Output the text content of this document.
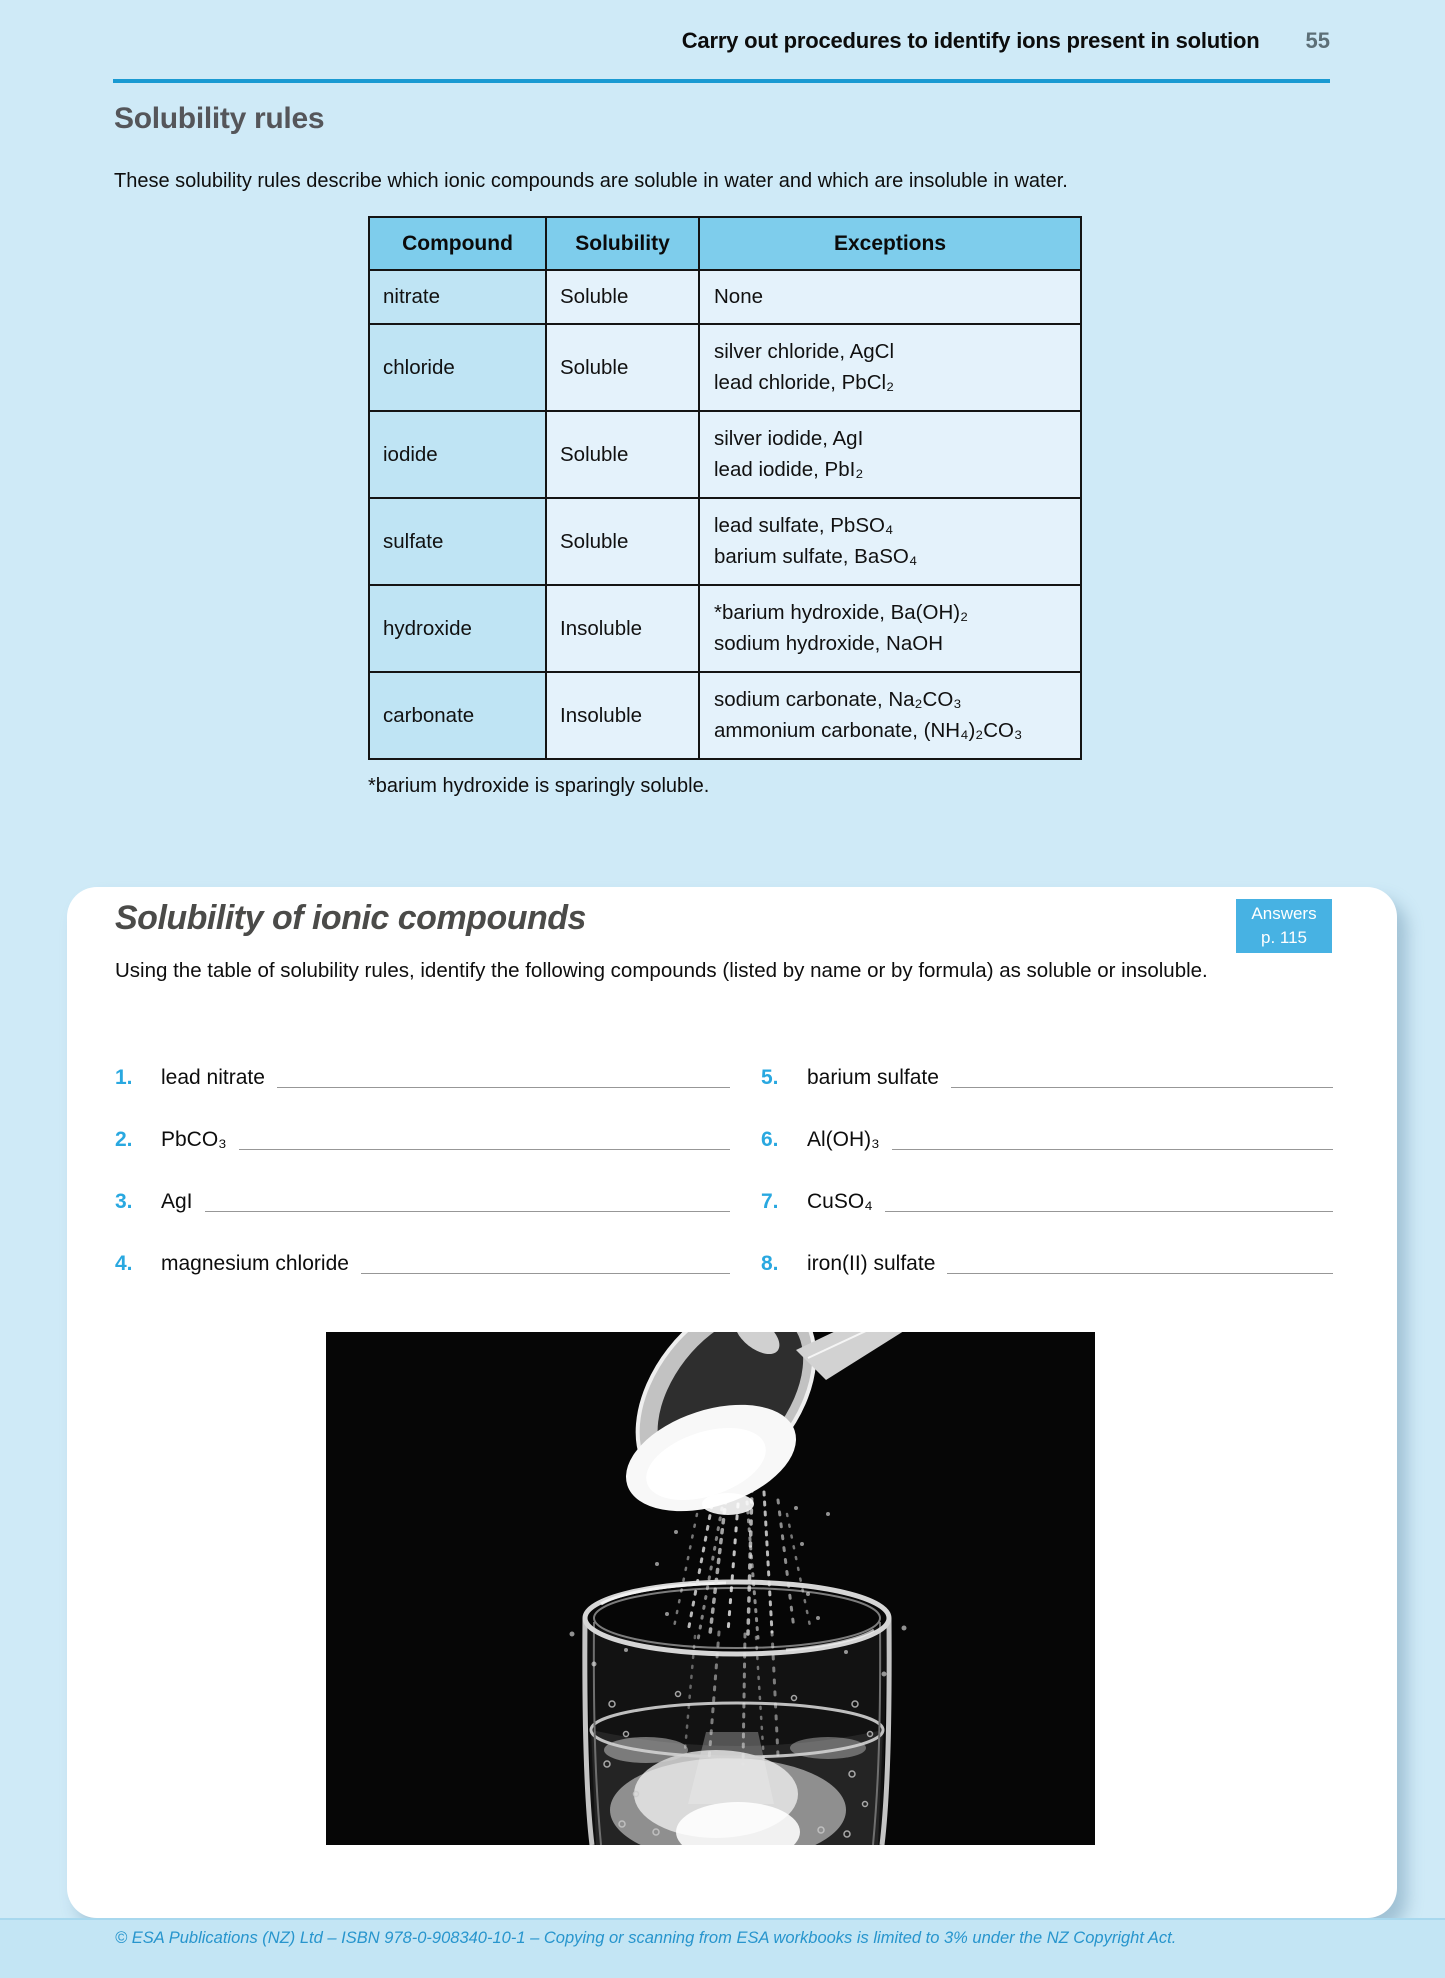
Carry out procedures to identify ions present in solution 55
Solubility rules
These solubility rules describe which ionic compounds are soluble in water and which are insoluble in water.
Compound	Solubility	Exceptions
nitrate	Soluble	None

chloride	Soluble	silver chloride, AgCl
lead chloride, PbCl₂

iodide	Soluble	silver iodide, AgI
lead iodide, PbI₂

sulfate	Soluble	lead sulfate, PbSO₄
barium sulfate, BaSO₄

hydroxide	Insoluble	*barium hydroxide, Ba(OH)₂
sodium hydroxide, NaOH

carbonate	Insoluble	sodium carbonate, Na₂CO₃
ammonium carbonate, (NH₄)₂CO₃
*barium hydroxide is sparingly soluble.
Solubility of ionic compounds	Answers
p. 115
Using the table of solubility rules, identify the following compounds (listed by name or by formula) as soluble or insoluble.
1.	lead nitrate	5.	barium sulfate
2.	PbCO₃	6.	Al(OH)₃
3.	AgI	7.	CuSO₄
4.	magnesium chloride	8.	iron(II) sulfate

© ESA Publications (NZ) Ltd – ISBN 978-0-908340-10-1 – Copying or scanning from ESA workbooks is limited to 3% under the NZ Copyright Act.
